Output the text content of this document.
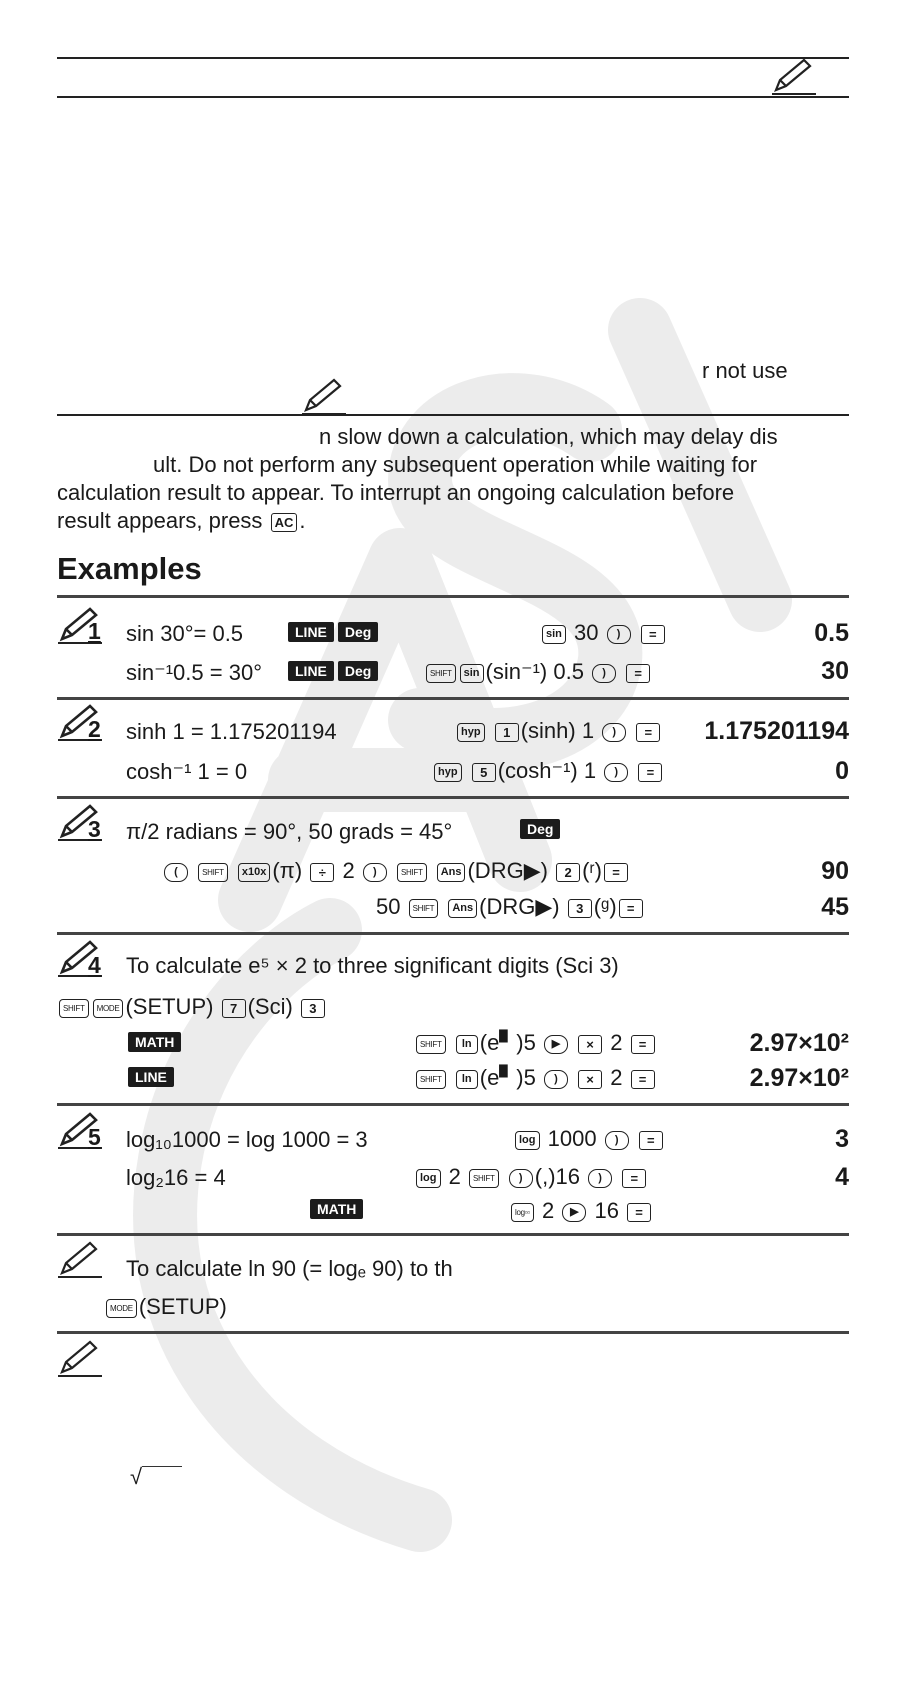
r not use
n slow down a calculation, which may delay dis
ult. Do not perform any subsequent operation while waiting for
calculation result to appear. To interrupt an ongoing calculation before
result appears, press AC .
Examples
1 sin 30°= 0.5	LINE Deg	sin 30 ) =	0.5
sin⁻¹0.5 = 30°	LINE Deg	SHIFT sin (sin⁻¹) 0.5 ) =	30
2 sinh 1 = 1.175201194	hyp 1 (sinh) 1 ) =	1.175201194
cosh⁻¹ 1 = 0	hyp 5 (cosh⁻¹) 1 ) =	0
3 π/2 radians = 90°, 50 grads = 45°	Deg
(	SHIFT x10x (π) ÷ 2 )	SHIFT Ans (DRG▶) 2 (ʳ) =	90
50 SHIFT Ans (DRG▶) 3 (ᵍ) =	45
4 To calculate e⁵ × 2 to three significant digits (Sci 3)
SHIFT MODE (SETUP) 7 (Sci) 3
MATH	SHIFT ln (e▘)5 ▶ × 2 =	2.97×10²
LINE	SHIFT ln (e▘)5 ) × 2 =	2.97×10²
5 log₁₀1000 = log 1000 = 3	log 1000 ) =	3
log₂16 = 4	log 2 SHIFT ) (,)16 ) =	4
MATH	log▫▫ 2 ▶ 16 =
To calculate ln 90 (= logₑ 90) to th
MODE (SETUP)
√
